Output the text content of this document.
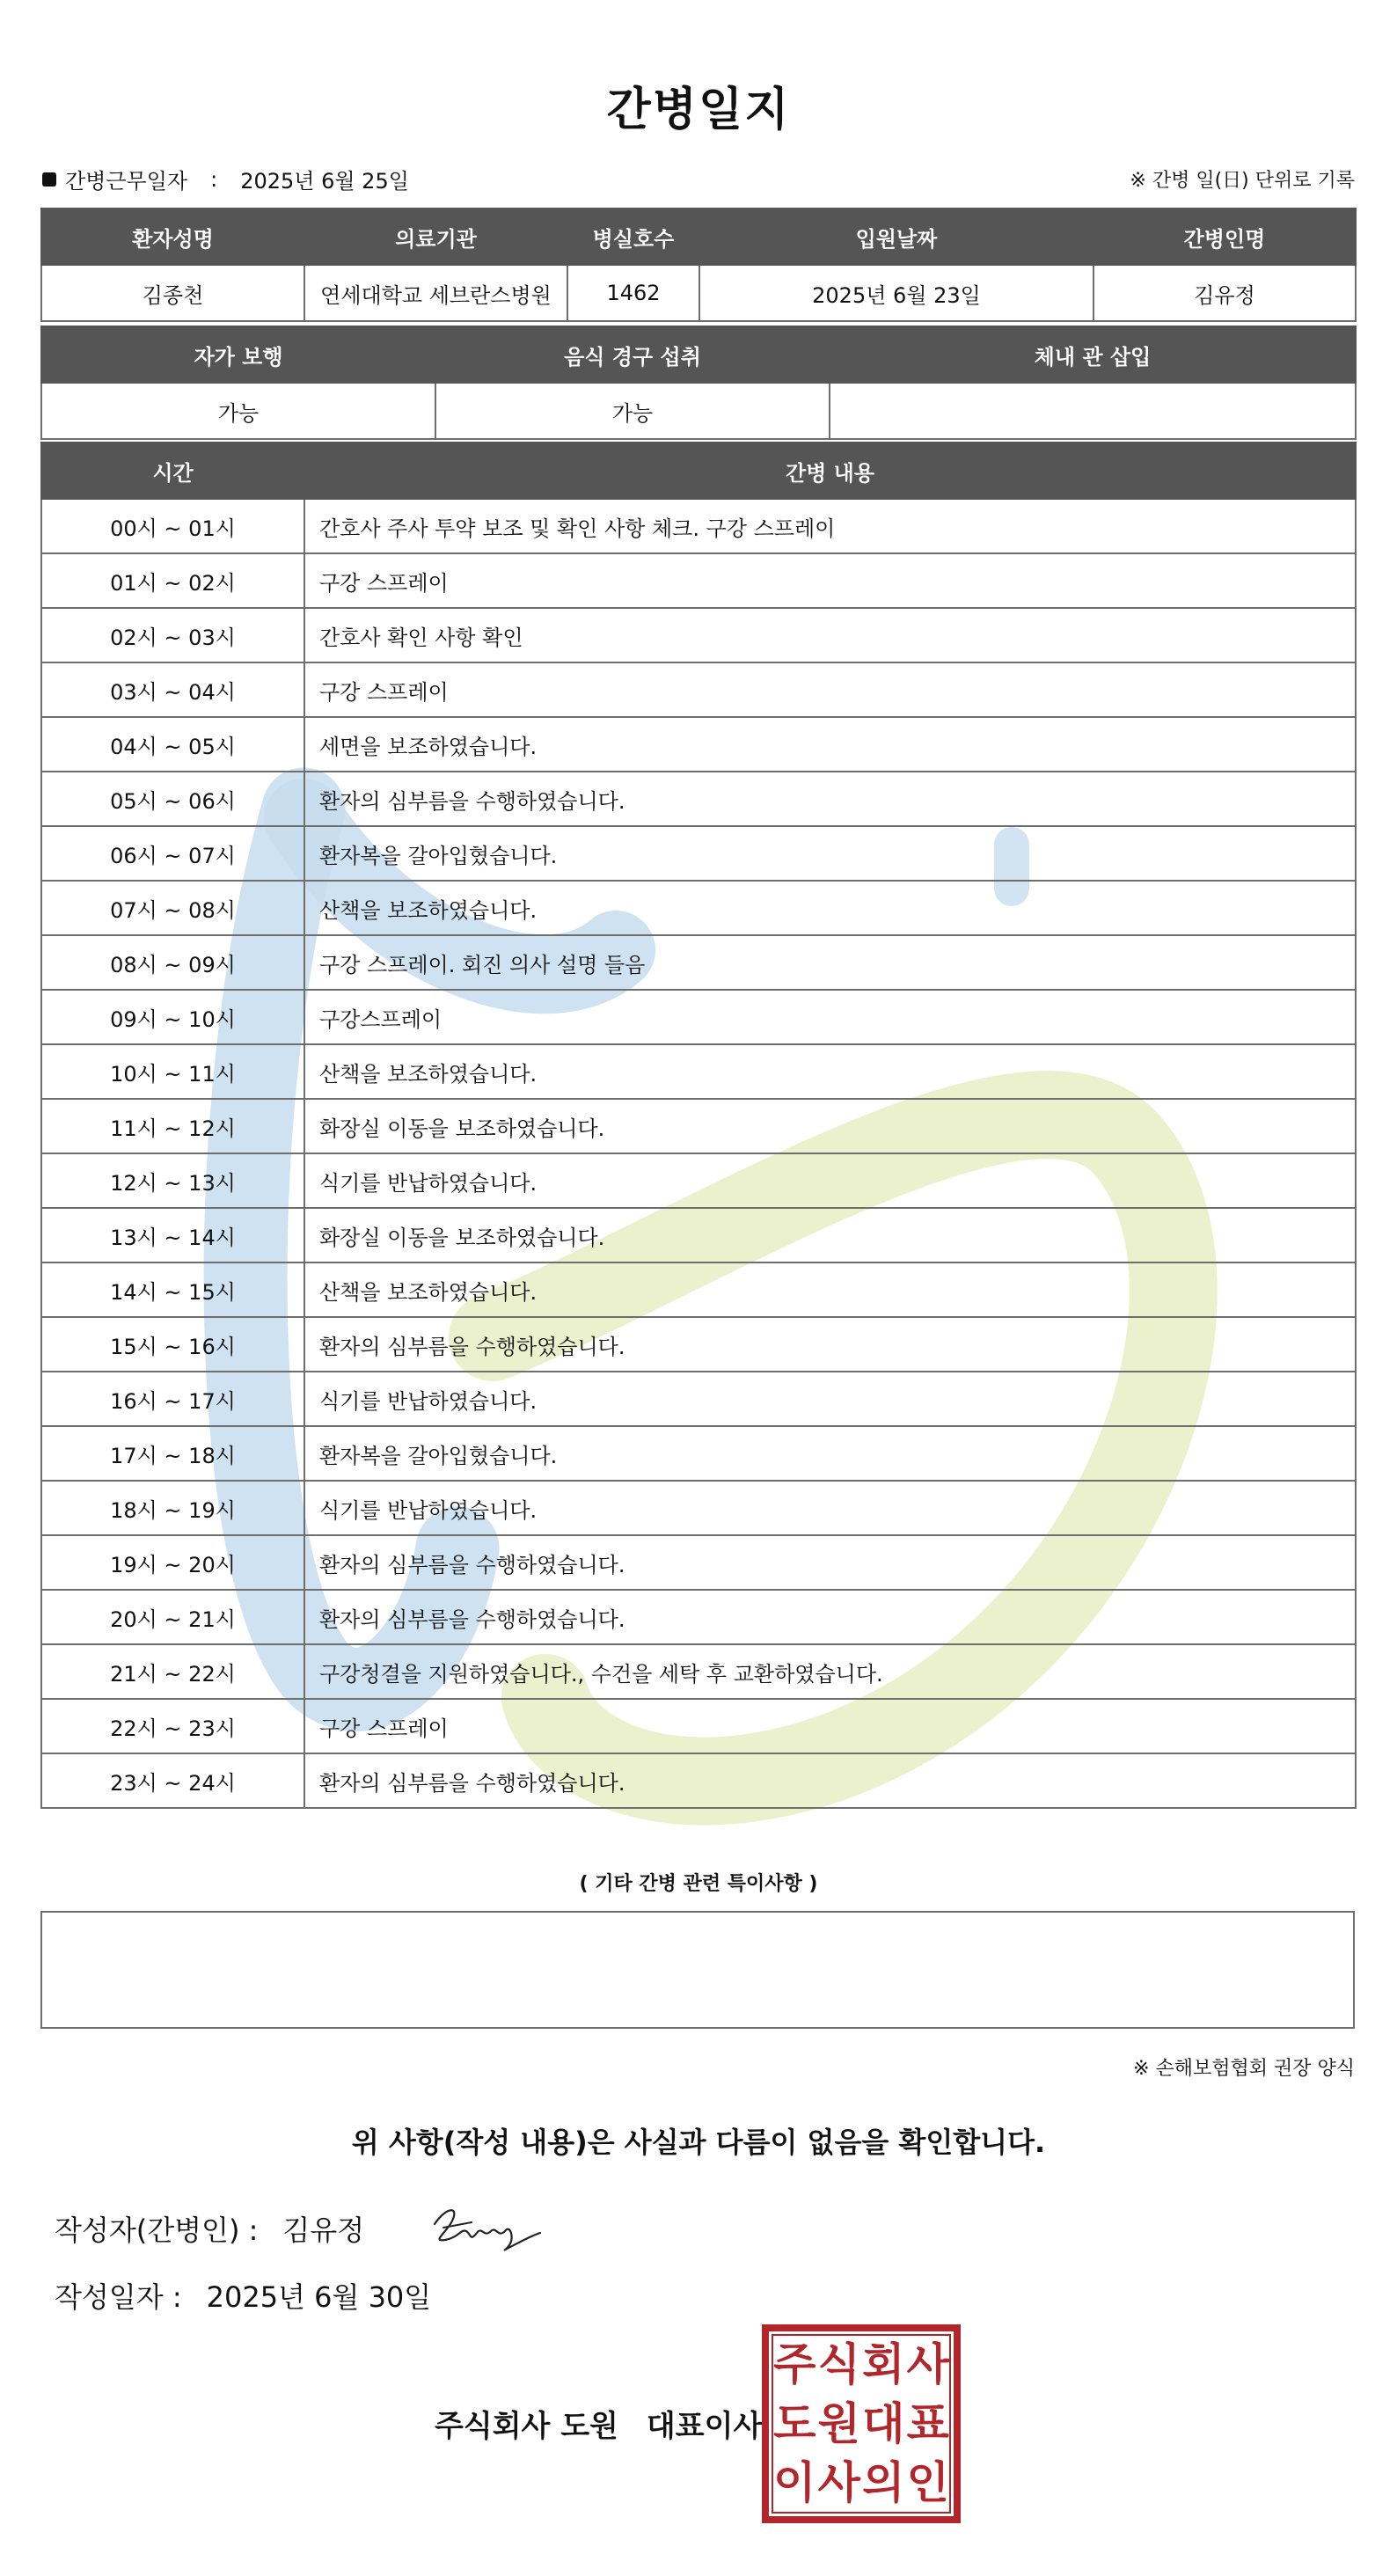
간병일지
간병근무일자 : 2025년 6월 25일	※ 간병 일(日) 단위로 기록
환자성명	의료기관	병실호수	입원날짜	간병인명
김종천	연세대학교 세브란스병원	1462	2025년 6월 23일	김유정
자가 보행	음식 경구 섭취	체내 관 삽입
가능	가능	
시간	간병 내용
00시 ~ 01시	간호사 주사 투약 보조 및 확인 사항 체크. 구강 스프레이
01시 ~ 02시	구강 스프레이
02시 ~ 03시	간호사 확인 사항 확인
03시 ~ 04시	구강 스프레이
04시 ~ 05시	세면을 보조하였습니다.
05시 ~ 06시	환자의 심부름을 수행하였습니다.
06시 ~ 07시	환자복을 갈아입혔습니다.
07시 ~ 08시	산책을 보조하였습니다.
08시 ~ 09시	구강 스프레이. 회진 의사 설명 들음
09시 ~ 10시	구강스프레이
10시 ~ 11시	산책을 보조하였습니다.
11시 ~ 12시	화장실 이동을 보조하였습니다.
12시 ~ 13시	식기를 반납하였습니다.
13시 ~ 14시	화장실 이동을 보조하였습니다.
14시 ~ 15시	산책을 보조하였습니다.
15시 ~ 16시	환자의 심부름을 수행하였습니다.
16시 ~ 17시	식기를 반납하였습니다.
17시 ~ 18시	환자복을 갈아입혔습니다.
18시 ~ 19시	식기를 반납하였습니다.
19시 ~ 20시	환자의 심부름을 수행하였습니다.
20시 ~ 21시	환자의 심부름을 수행하였습니다.
21시 ~ 22시	구강청결을 지원하였습니다., 수건을 세탁 후 교환하였습니다.
22시 ~ 23시	구강 스프레이
23시 ~ 24시	환자의 심부름을 수행하였습니다.
( 기타 간병 관련 특이사항 )
※ 손해보험협회 권장 양식
위 사항(작성 내용)은 사실과 다름이 없음을 확인합니다.
작성자(간병인) : 김유정
작성일자 : 2025년 6월 30일
주식회사 도원 대표이사
주 식 회 사
도 원 대 표
이 사 의 인
